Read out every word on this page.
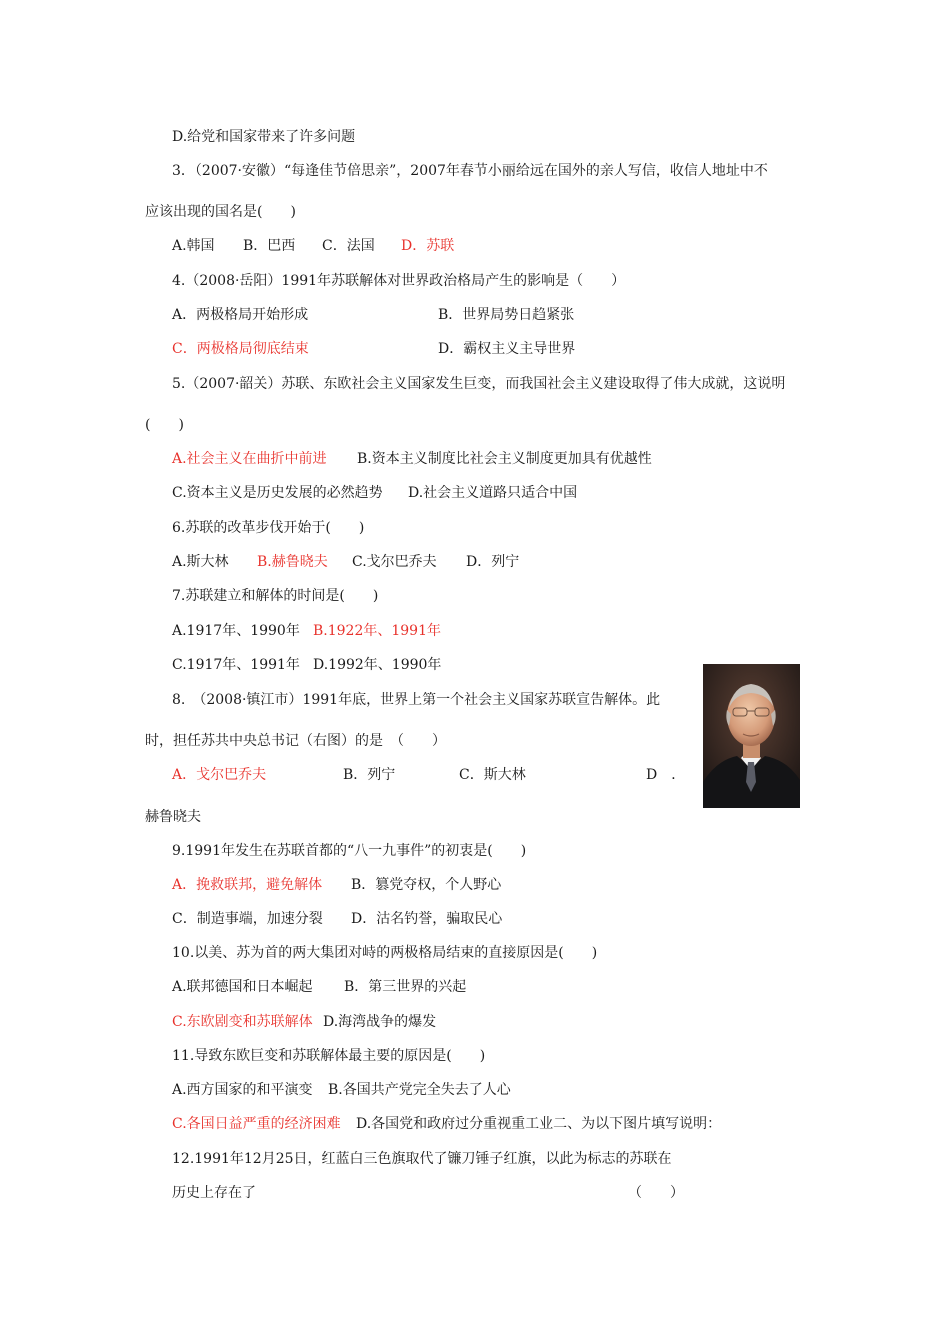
D.给党和国家带来了许多问题
3．（2007·安徽）“每逢佳节倍思亲”，2007年春节小丽给远在国外的亲人写信，收信人地址中不
应该出现的国名是(　　)
A.韩国 B．巴西 C．法国 D．苏联
4.（2008·岳阳）1991年苏联解体对世界政治格局产生的影响是（　　）
A．两极格局开始形成	B．世界局势日趋紧张
C．两极格局彻底结束	D．霸权主义主导世界
5.（2007·韶关）苏联、东欧社会主义国家发生巨变，而我国社会主义建设取得了伟大成就，这说明
(　　)
A.社会主义在曲折中前进 B.资本主义制度比社会主义制度更加具有优越性
C.资本主义是历史发展的必然趋势 D.社会主义道路只适合中国
6.苏联的改革步伐开始于(　　)
A.斯大林 B.赫鲁晓夫 C.戈尔巴乔夫 D．列宁
7.苏联建立和解体的时间是(　　)
A.1917年、1990年 B.1922年、1991年
C.1917年、1991年 D.1992年、1990年
8.　（2008·镇江市）1991年底，世界上第一个社会主义国家苏联宣告解体。此
时，担任苏共中央总书记（右图）的是　（　　）
A．戈尔巴乔夫	B．列宁	C．斯大林	D　．
赫鲁晓夫
9.1991年发生在苏联首都的“八一九事件”的初衷是(　　)
A．挽救联邦，避免解体 B．篡党夺权，个人野心
C．制造事端，加速分裂 D．沽名钓誉，骗取民心
10.以美、苏为首的两大集团对峙的两极格局结束的直接原因是(　　)
A.联邦德国和日本崛起 B．第三世界的兴起
C.东欧剧变和苏联解体 D.海湾战争的爆发
11.导致东欧巨变和苏联解体最主要的原因是(　　)
A.西方国家的和平演变 B.各国共产党完全失去了人心
C.各国日益严重的经济困难 D.各国党和政府过分重视重工业二、为以下图片填写说明：
12.1991年12月25日，红蓝白三色旗取代了镰刀锤子红旗，以此为标志的苏联在
历史上存在了	（　　）
